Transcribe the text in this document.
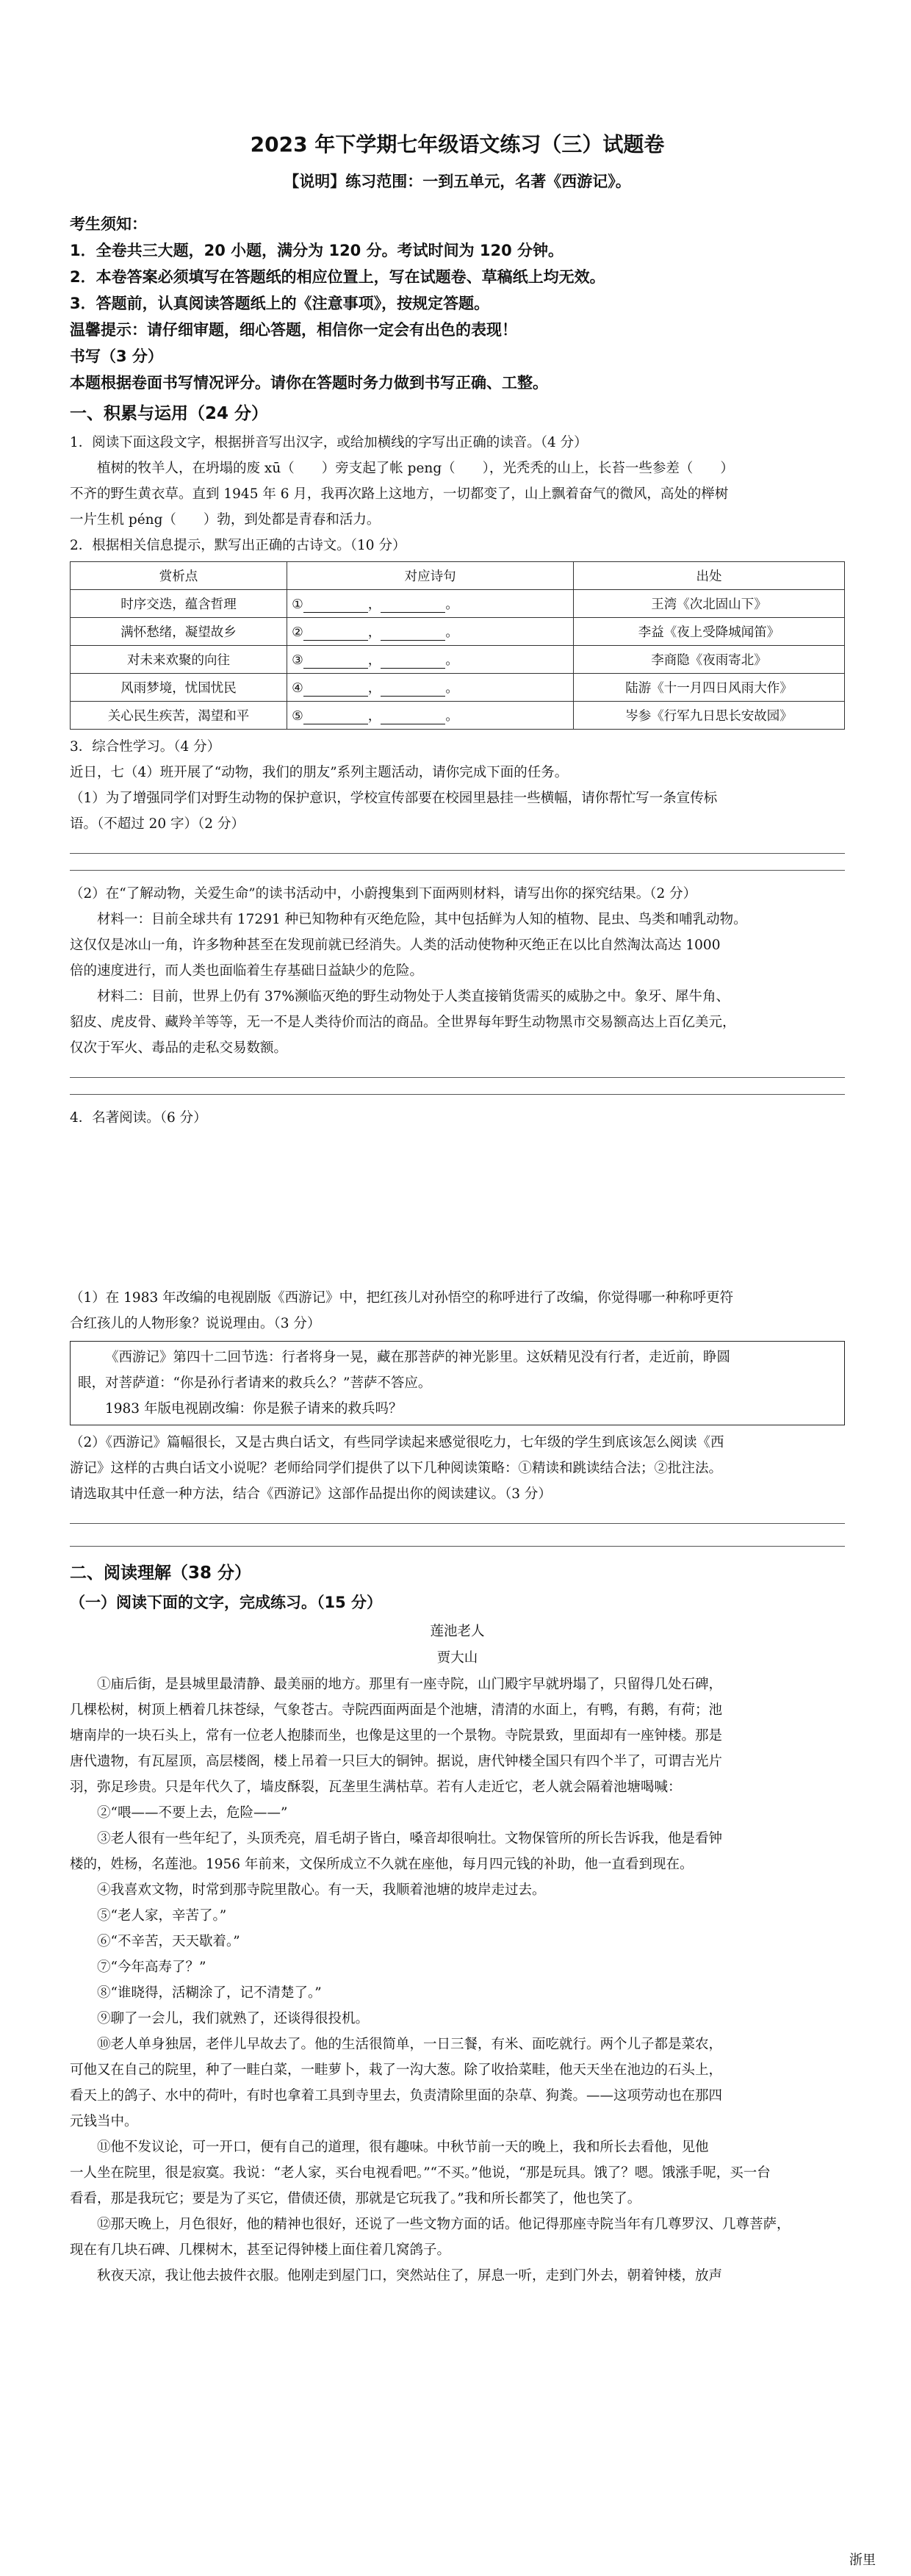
2023 年下学期七年级语文练习（三）试题卷
【说明】练习范围：一到五单元，名著《西游记》。

考生须知：

1．全卷共三大题，20 小题，满分为 120 分。考试时间为 120 分钟。

2．本卷答案必须填写在答题纸的相应位置上，写在试题卷、草稿纸上均无效。

3．答题前，认真阅读答题纸上的《注意事项》，按规定答题。

温馨提示：请仔细审题，细心答题，相信你一定会有出色的表现！

书写（3 分）

本题根据卷面书写情况评分。请你在答题时务力做到书写正确、工整。

一、积累与运用（24 分）

1．阅读下面这段文字，根据拼音写出汉字，或给加横线的字写出正确的读音。（4 分）

植树的牧羊人，在坍塌的废 xū（　　）旁支起了帐 peng（　　），光秃秃的山上，长苔一些参差（　　）

不齐的野生黄衣草。直到 1945 年 6 月，我再次路上这地方，一切都变了，山上飘着奋气的微风，高处的榉树

一片生机 péng（　　）勃，到处都是青春和活力。

2．根据相关信息提示，默写出正确的古诗文。（10 分）

赏析点	对应诗句	出处
时序交迭，蕴含哲理	① ， 。	王湾《次北固山下》
满怀愁绪，凝望故乡	② ， 。	李益《夜上受降城闻笛》
对未来欢聚的向往	③ ， 。	李商隐《夜雨寄北》
风雨梦境，忧国忧民	④ ， 。	陆游《十一月四日风雨大作》
关心民生疾苦，渴望和平	⑤ ， 。	岑参《行军九日思长安故园》

3．综合性学习。（4 分）

近日，七（4）班开展了“动物，我们的朋友”系列主题活动，请你完成下面的任务。

（1）为了增强同学们对野生动物的保护意识，学校宣传部要在校园里悬挂一些横幅，请你帮忙写一条宣传标

语。（不超过 20 字）（2 分）

（2）在“了解动物，关爱生命”的读书活动中，小蔚搜集到下面两则材料，请写出你的探究结果。（2 分）

材料一：目前全球共有 17291 种已知物种有灭绝危险，其中包括鲜为人知的植物、昆虫、鸟类和哺乳动物。

这仅仅是冰山一角，许多物种甚至在发现前就已经消失。人类的活动使物种灭绝正在以比自然淘汰高达 1000

倍的速度进行，而人类也面临着生存基础日益缺少的危险。

材料二：目前，世界上仍有 37%濒临灭绝的野生动物处于人类直接销货需买的威胁之中。象牙、犀牛角、

貂皮、虎皮骨、藏羚羊等等，无一不是人类待价而沽的商品。全世界每年野生动物黑市交易额高达上百亿美元，

仅次于军火、毒品的走私交易数额。

4．名著阅读。（6 分）

（1）在 1983 年改编的电视剧版《西游记》中，把红孩儿对孙悟空的称呼进行了改编，你觉得哪一种称呼更符

合红孩儿的人物形象？说说理由。（3 分）

《西游记》第四十二回节选：行者将身一晃，藏在那菩萨的神光影里。这妖精见没有行者，走近前，睁圆

眼，对菩萨道：“你是孙行者请来的救兵么？”菩萨不答应。

1983 年版电视剧改编：你是猴子请来的救兵吗？

（2）《西游记》篇幅很长，又是古典白话文，有些同学读起来感觉很吃力，七年级的学生到底该怎么阅读《西

游记》这样的古典白话文小说呢？老师给同学们提供了以下几种阅读策略：①精读和跳读结合法；②批注法。

请选取其中任意一种方法，结合《西游记》这部作品提出你的阅读建议。（3 分）

二、阅读理解（38 分）

（一）阅读下面的文字，完成练习。（15 分）

莲池老人

贾大山

①庙后街，是县城里最清静、最美丽的地方。那里有一座寺院，山门殿宇早就坍塌了，只留得几处石碑，

几棵松树，树顶上栖着几抹苍绿，气象苍古。寺院西面两面是个池塘，清清的水面上，有鸭，有鹅，有荷；池

塘南岸的一块石头上，常有一位老人抱膝而坐，也像是这里的一个景物。寺院景致，里面却有一座钟楼。那是

唐代遗物，有瓦屋顶，高层楼阁，楼上吊着一只巨大的铜钟。据说，唐代钟楼全国只有四个半了，可谓吉光片

羽，弥足珍贵。只是年代久了，墙皮酥裂，瓦垄里生满枯草。若有人走近它，老人就会隔着池塘喝喊：

②“喂——不要上去，危险——”

③老人很有一些年纪了，头顶秃亮，眉毛胡子皆白，嗓音却很响壮。文物保管所的所长告诉我，他是看钟

楼的，姓杨，名莲池。1956 年前来，文保所成立不久就在座他，每月四元钱的补助，他一直看到现在。

④我喜欢文物，时常到那寺院里散心。有一天，我顺着池塘的坡岸走过去。

⑤“老人家，辛苦了。”

⑥“不辛苦，天天歇着。”

⑦“今年高寿了？”

⑧“谁晓得，活糊涂了，记不清楚了。”

⑨聊了一会儿，我们就熟了，还谈得很投机。

⑩老人单身独居，老伴儿早故去了。他的生活很简单，一日三餐，有米、面吃就行。两个儿子都是菜农，

可他又在自己的院里，种了一畦白菜，一畦萝卜，栽了一沟大葱。除了收拾菜畦，他天天坐在池边的石头上，

看天上的鸽子、水中的荷叶，有时也拿着工具到寺里去，负责清除里面的杂草、狗粪。——这项劳动也在那四

元钱当中。

⑪他不发议论，可一开口，便有自己的道理，很有趣味。中秋节前一天的晚上，我和所长去看他，见他

一人坐在院里，很是寂寞。我说：“老人家，买台电视看吧。”“不买。”他说，“那是玩具。饿了？嗯。饿涨手呢，买一台

看看，那是我玩它；要是为了买它，借债还债，那就是它玩我了。”我和所长都笑了，他也笑了。

⑫那天晚上，月色很好，他的精神也很好，还说了一些文物方面的话。他记得那座寺院当年有几尊罗汉、几尊菩萨，

现在有几块石碑、几棵树木，甚至记得钟楼上面住着几窝鸽子。

秋夜天凉，我让他去披件衣服。他刚走到屋门口，突然站住了，屏息一听，走到门外去，朝着钟楼，放声

浙里
